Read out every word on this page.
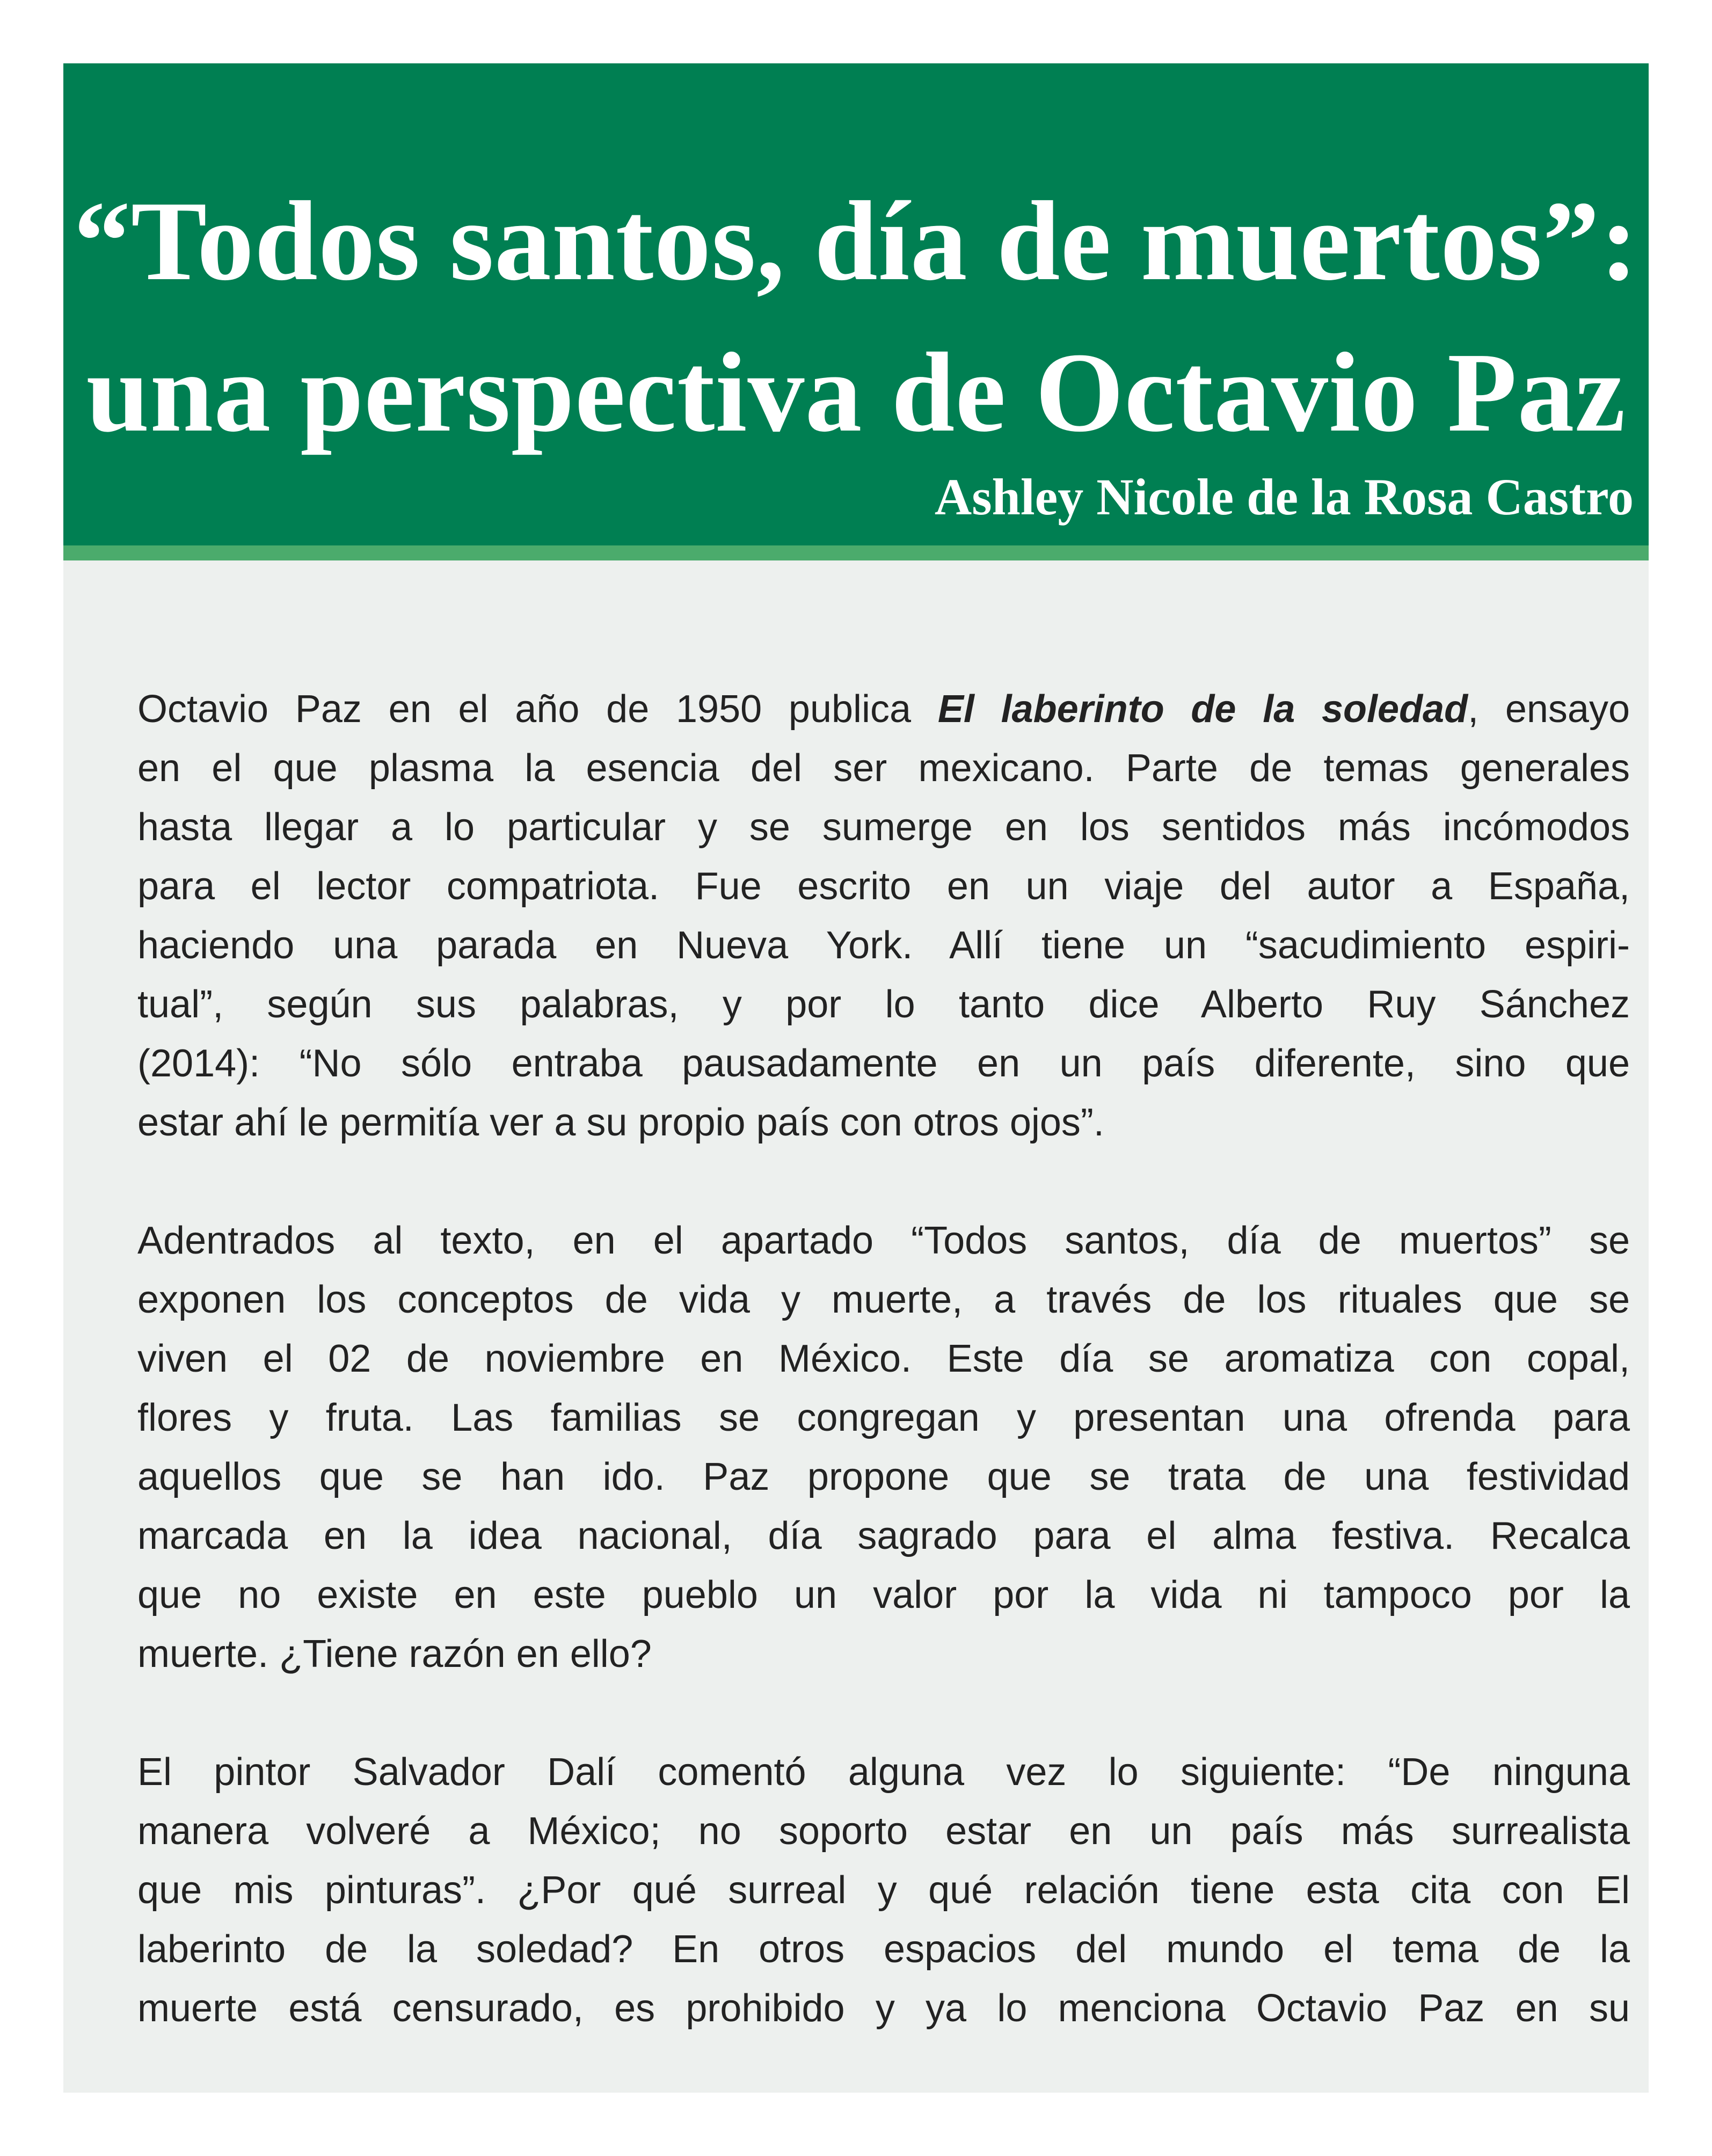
“Todos santos, día de muertos”:
una perspectiva de Octavio Paz

Ashley Nicole de la Rosa Castro

Octavio Paz en el año de 1950 publica El laberinto de la soledad, ensayo
en el que plasma la esencia del ser mexicano. Parte de temas generales
hasta llegar a lo particular y se sumerge en los sentidos más incómodos
para el lector compatriota. Fue escrito en un viaje del autor a España,
haciendo una parada en Nueva York. Allí tiene un “sacudimiento espiri-
tual”, según sus palabras, y por lo tanto dice Alberto Ruy Sánchez
(2014): “No sólo entraba pausadamente en un país diferente, sino que
estar ahí le permitía ver a su propio país con otros ojos”.

Adentrados al texto, en el apartado “Todos santos, día de muertos” se
exponen los conceptos de vida y muerte, a través de los rituales que se
viven el 02 de noviembre en México. Este día se aromatiza con copal,
flores y fruta. Las familias se congregan y presentan una ofrenda para
aquellos que se han ido. Paz propone que se trata de una festividad
marcada en la idea nacional, día sagrado para el alma festiva. Recalca
que no existe en este pueblo un valor por la vida ni tampoco por la
muerte. ¿Tiene razón en ello?

El pintor Salvador Dalí comentó alguna vez lo siguiente: “De ninguna
manera volveré a México; no soporto estar en un país más surrealista
que mis pinturas”. ¿Por qué surreal y qué relación tiene esta cita con El
laberinto de la soledad? En otros espacios del mundo el tema de la
muerte está censurado, es prohibido y ya lo menciona Octavio Paz en su
